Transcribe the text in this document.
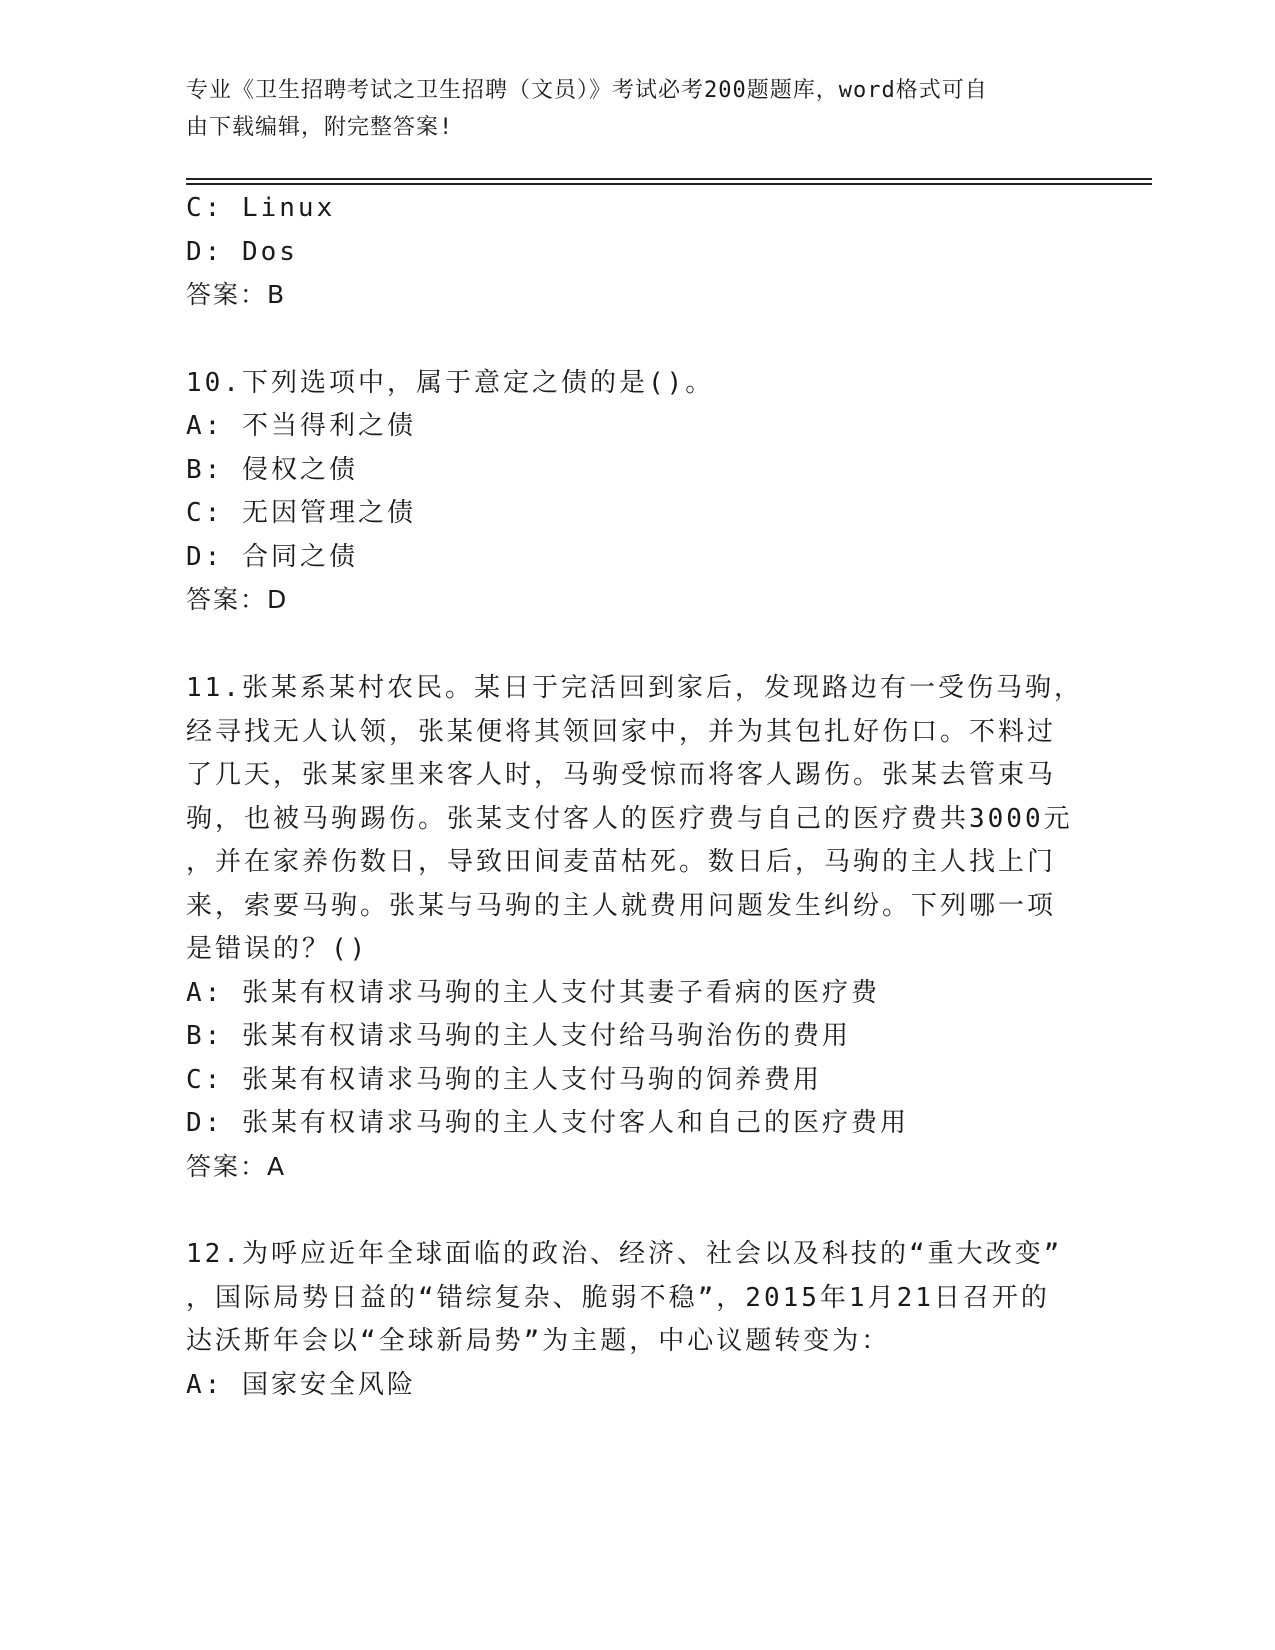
专业《卫生招聘考试之卫生招聘（文员）》考试必考200题题库，word格式可自
由下载编辑，附完整答案!
C: Linux
D: Dos
答案：B
10.下列选项中，属于意定之债的是()。
A: 不当得利之债
B: 侵权之债
C: 无因管理之债
D: 合同之债
答案：D
11.张某系某村农民。某日于完活回到家后，发现路边有一受伤马驹，
经寻找无人认领，张某便将其领回家中，并为其包扎好伤口。不料过
了几天，张某家里来客人时，马驹受惊而将客人踢伤。张某去管束马
驹，也被马驹踢伤。张某支付客人的医疗费与自己的医疗费共3000元
，并在家养伤数日，导致田间麦苗枯死。数日后，马驹的主人找上门
来，索要马驹。张某与马驹的主人就费用问题发生纠纷。下列哪一项
是错误的？()
A: 张某有权请求马驹的主人支付其妻子看病的医疗费
B: 张某有权请求马驹的主人支付给马驹治伤的费用
C: 张某有权请求马驹的主人支付马驹的饲养费用
D: 张某有权请求马驹的主人支付客人和自己的医疗费用
答案：A
12.为呼应近年全球面临的政治、经济、社会以及科技的“重大改变”
，国际局势日益的“错综复杂、脆弱不稳”，2015年1月21日召开的
达沃斯年会以“全球新局势”为主题，中心议题转变为：
A: 国家安全风险
